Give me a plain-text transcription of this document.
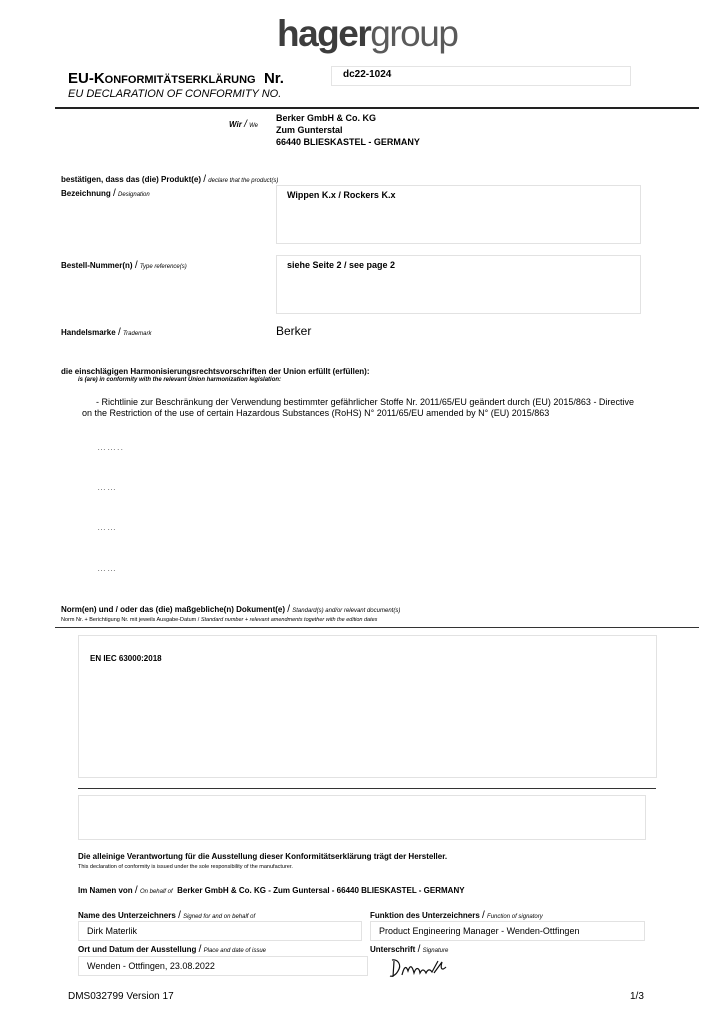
hagergroup
EU-KONFORMITÄTSERKLÄRUNG Nr.	dc22-1024
EU DECLARATION OF CONFORMITY NO.
Wir / We
Berker GmbH & Co. KG
Zum Gunterstal
66440 BLIESKASTEL - GERMANY
bestätigen, dass das (die) Produkt(e) / declare that the product(s)
Bezeichnung / Designation	Wippen K.x / Rockers K.x
Bestell-Nummer(n) / Type reference(s)	siehe Seite 2 / see page 2
Handelsmarke / Trademark	Berker
die einschlägigen Harmonisierungsrechtsvorschriften der Union erfüllt (erfüllen):
is (are) in conformity with the relevant Union harmonization legislation:
- Richtlinie zur Beschränkung der Verwendung bestimmter gefährlicher Stoffe Nr. 2011/65/EU geändert durch (EU) 2015/863 - Directive
on the Restriction of the use of certain Hazardous Substances (RoHS) N° 2011/65/EU amended by N° (EU) 2015/863
……..
……
……
……
Norm(en) und / oder das (die) maßgebliche(n) Dokument(e) / Standard(s) and/or relevant document(s)
Norm Nr. + Berichtigung Nr. mit jeweils Ausgabe-Datum / Standard number + relevant amendments together with the edition dates
EN IEC 63000:2018
Die alleinige Verantwortung für die Ausstellung dieser Konformitätserklärung trägt der Hersteller.
This declaration of conformity is issued under the sole responsibility of the manufacturer.
Im Namen von / On behalf of Berker GmbH & Co. KG - Zum Guntersal - 66440 BLIESKASTEL - GERMANY
Name des Unterzeichners / Signed for and on behalf of
Dirk Materlik
Funktion des Unterzeichners / Function of signatory
Product Engineering Manager - Wenden-Ottfingen
Ort und Datum der Ausstellung / Place and date of issue
Wenden - Ottfingen, 23.08.2022
Unterschrift / Signature
DMS032799 Version 17	1/3
